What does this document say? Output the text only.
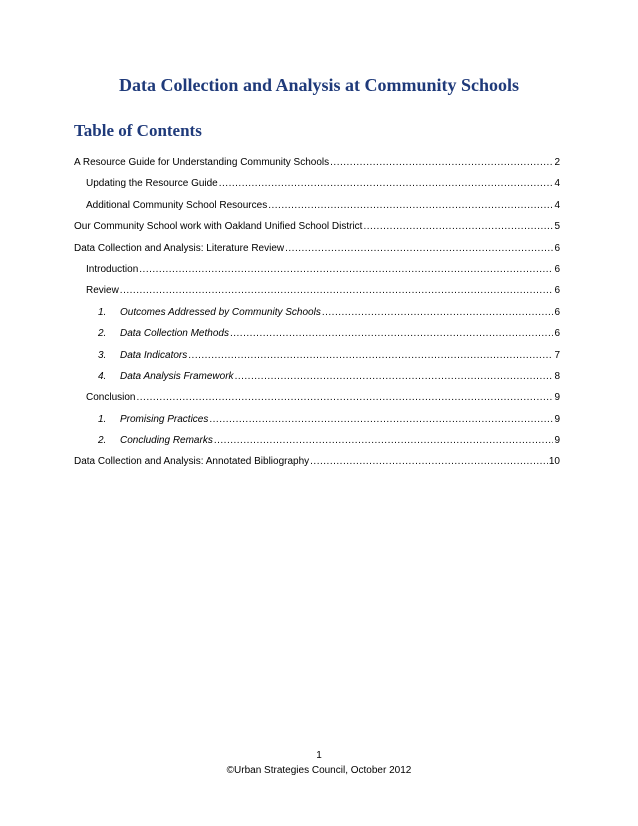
Data Collection and Analysis at Community Schools
Table of Contents
A Resource Guide for Understanding Community Schools .....	2
Updating the Resource Guide .....	4
Additional Community School Resources .....	4
Our Community School work with Oakland Unified School District .....	5
Data Collection and Analysis: Literature Review .....	6
Introduction .....	6
Review .....	6
1.	Outcomes Addressed by Community Schools .....	6
2.	Data Collection Methods .....	6
3.	Data Indicators .....	7
4.	Data Analysis Framework .....	8
Conclusion .....	9
1.	Promising Practices .....	9
2.	Concluding Remarks .....	9
Data Collection and Analysis: Annotated Bibliography .....	10
1
©Urban Strategies Council, October 2012
